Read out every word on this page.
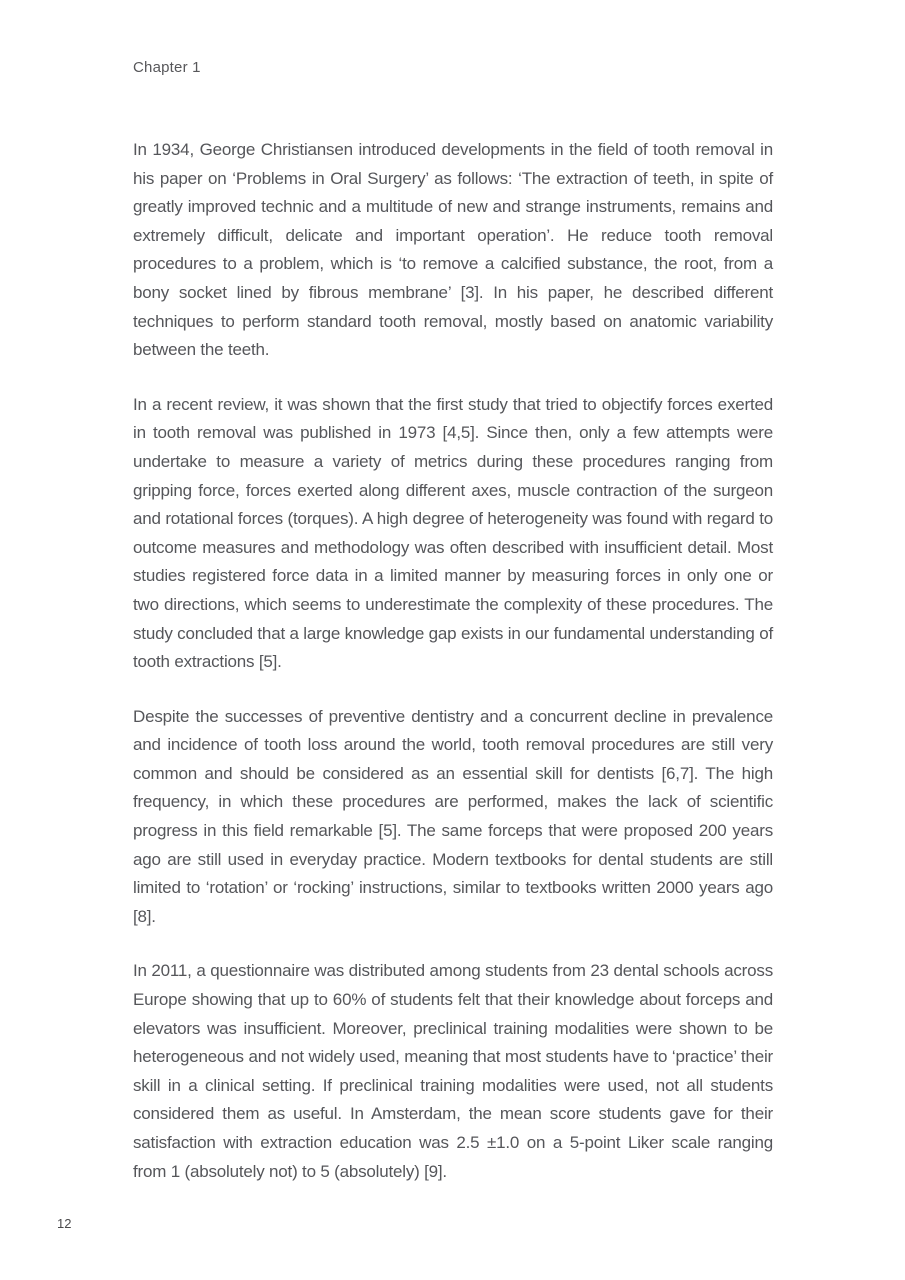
Chapter 1

In 1934, George Christiansen introduced developments in the field of tooth removal in his paper on ‘Problems in Oral Surgery’ as follows: ‘The extraction of teeth, in spite of greatly improved technic and a multitude of new and strange instruments, remains and extremely difficult, delicate and important operation’. He reduce tooth removal procedures to a problem, which is ‘to remove a calcified substance, the root, from a bony socket lined by fibrous membrane’ [3]. In his paper, he described different techniques to perform standard tooth removal, mostly based on anatomic variability between the teeth.

In a recent review, it was shown that the first study that tried to objectify forces exerted in tooth removal was published in 1973 [4,5]. Since then, only a few attempts were undertake to measure a variety of metrics during these procedures ranging from gripping force, forces exerted along different axes, muscle contraction of the surgeon and rotational forces (torques). A high degree of heterogeneity was found with regard to outcome measures and methodology was often described with insufficient detail. Most studies registered force data in a limited manner by measuring forces in only one or two directions, which seems to underestimate the complexity of these procedures. The study concluded that a large knowledge gap exists in our fundamental understanding of tooth extractions [5].

Despite the successes of preventive dentistry and a concurrent decline in prevalence and incidence of tooth loss around the world, tooth removal procedures are still very common and should be considered as an essential skill for dentists [6,7]. The high frequency, in which these procedures are performed, makes the lack of scientific progress in this field remarkable [5]. The same forceps that were proposed 200 years ago are still used in everyday practice. Modern textbooks for dental students are still limited to ‘rotation’ or ‘rocking’ instructions, similar to textbooks written 2000 years ago [8].

In 2011, a questionnaire was distributed among students from 23 dental schools across Europe showing that up to 60% of students felt that their knowledge about forceps and elevators was insufficient. Moreover, preclinical training modalities were shown to be heterogeneous and not widely used, meaning that most students have to ‘practice’ their skill in a clinical setting. If preclinical training modalities were used, not all students considered them as useful. In Amsterdam, the mean score students gave for their satisfaction with extraction education was 2.5 ±1.0 on a 5-point Liker scale ranging from 1 (absolutely not) to 5 (absolutely) [9].

12
